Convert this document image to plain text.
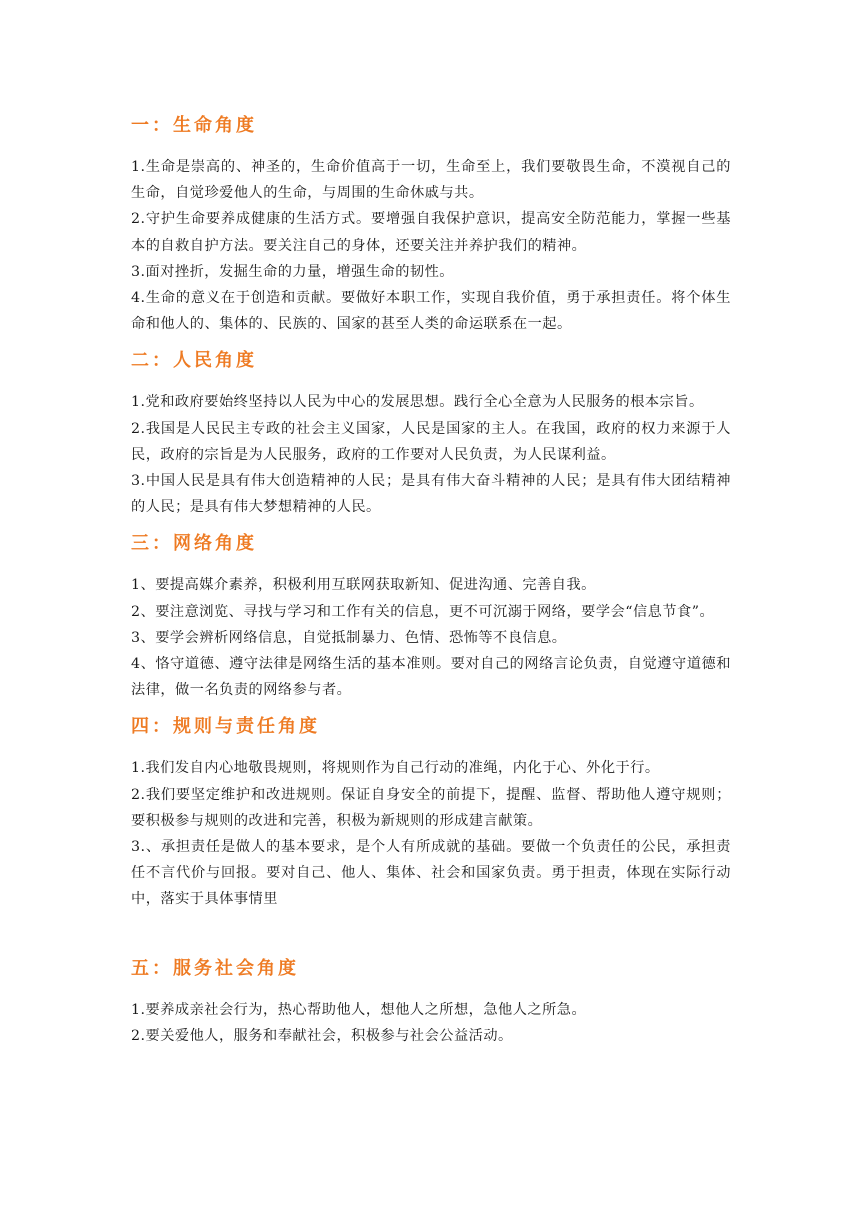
一：生命角度

1.生命是崇高的、神圣的，生命价值高于一切，生命至上，我们要敬畏生命，不漠视自己的生命，自觉珍爱他人的生命，与周围的生命休戚与共。

2.守护生命要养成健康的生活方式。要增强自我保护意识，提高安全防范能力，掌握一些基本的自救自护方法。要关注自己的身体，还要关注并养护我们的精神。

3.面对挫折，发掘生命的力量，增强生命的韧性。

4.生命的意义在于创造和贡献。要做好本职工作，实现自我价值，勇于承担责任。将个体生命和他人的、集体的、民族的、国家的甚至人类的命运联系在一起。

二：人民角度

1.党和政府要始终坚持以人民为中心的发展思想。践行全心全意为人民服务的根本宗旨。

2.我国是人民民主专政的社会主义国家，人民是国家的主人。在我国，政府的权力来源于人民，政府的宗旨是为人民服务，政府的工作要对人民负责，为人民谋利益。

3.中国人民是具有伟大创造精神的人民；是具有伟大奋斗精神的人民；是具有伟大团结精神的人民；是具有伟大梦想精神的人民。

三：网络角度

1、要提高媒介素养，积极利用互联网获取新知、促进沟通、完善自我。

2、要注意浏览、寻找与学习和工作有关的信息，更不可沉溺于网络，要学会“信息节食”。

3、要学会辨析网络信息，自觉抵制暴力、色情、恐怖等不良信息。

4、恪守道德、遵守法律是网络生活的基本准则。要对自己的网络言论负责，自觉遵守道德和法律，做一名负责的网络参与者。

四：规则与责任角度

1.我们发自内心地敬畏规则，将规则作为自己行动的准绳，内化于心、外化于行。

2.我们要坚定维护和改进规则。保证自身安全的前提下，提醒、监督、帮助他人遵守规则；要积极参与规则的改进和完善，积极为新规则的形成建言献策。

3.、承担责任是做人的基本要求，是个人有所成就的基础。要做一个负责任的公民，承担责任不言代价与回报。要对自己、他人、集体、社会和国家负责。勇于担责，体现在实际行动中，落实于具体事情里

五：服务社会角度

1.要养成亲社会行为，热心帮助他人，想他人之所想，急他人之所急。

2.要关爱他人，服务和奉献社会，积极参与社会公益活动。
